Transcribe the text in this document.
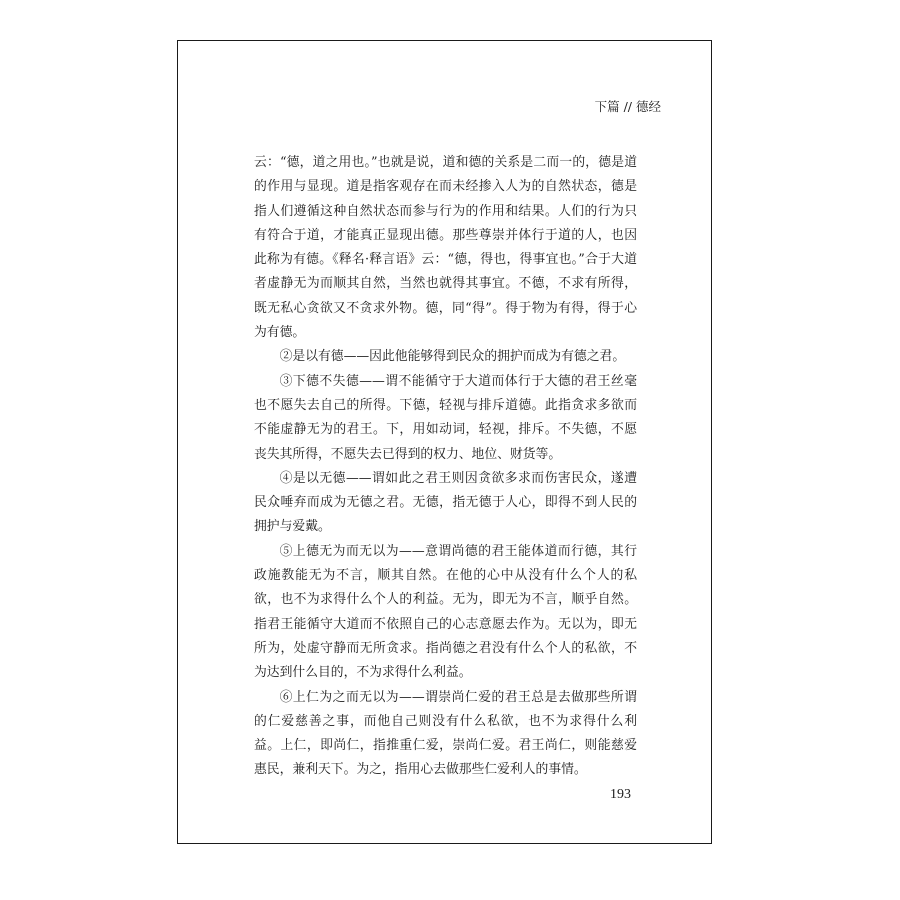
下篇 // 德经

云：“德，道之用也。”也就是说，道和德的关系是二而一的，德是道的作用与显现。道是指客观存在而未经掺入人为的自然状态，德是指人们遵循这种自然状态而参与行为的作用和结果。人们的行为只有符合于道，才能真正显现出德。那些尊崇并体行于道的人，也因此称为有德。《释名·释言语》云：“德，得也，得事宜也。”合于大道者虚静无为而顺其自然，当然也就得其事宜。不德，不求有所得，既无私心贪欲又不贪求外物。德，同“得”。得于物为有得，得于心为有德。

②是以有德——因此他能够得到民众的拥护而成为有德之君。

③下德不失德——谓不能循守于大道而体行于大德的君王丝毫也不愿失去自己的所得。下德，轻视与排斥道德。此指贪求多欲而不能虚静无为的君王。下，用如动词，轻视，排斥。不失德，不愿丧失其所得，不愿失去已得到的权力、地位、财货等。

④是以无德——谓如此之君王则因贪欲多求而伤害民众，遂遭民众唾弃而成为无德之君。无德，指无德于人心，即得不到人民的拥护与爱戴。

⑤上德无为而无以为——意谓尚德的君王能体道而行德，其行政施教能无为不言，顺其自然。在他的心中从没有什么个人的私欲，也不为求得什么个人的利益。无为，即无为不言，顺乎自然。指君王能循守大道而不依照自己的心志意愿去作为。无以为，即无所为，处虚守静而无所贪求。指尚德之君没有什么个人的私欲，不为达到什么目的，不为求得什么利益。

⑥上仁为之而无以为——谓崇尚仁爱的君王总是去做那些所谓的仁爱慈善之事，而他自己则没有什么私欲，也不为求得什么利益。上仁，即尚仁，指推重仁爱，崇尚仁爱。君王尚仁，则能慈爱惠民，兼利天下。为之，指用心去做那些仁爱利人的事情。

193
